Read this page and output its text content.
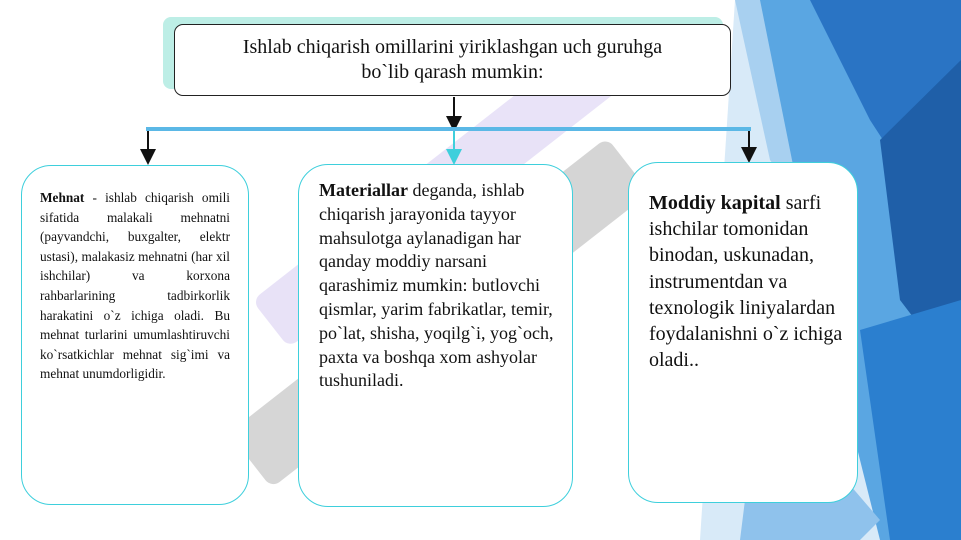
Ishlab chiqarish omillarini yiriklashgan uch guruhga
bo`lib qarash mumkin:
Mehnat - ishlab chiqarish omili sifatida malakali mehnatni (payvandchi, buxgalter, elektr ustasi), malakasiz mehnatni (har xil ishchilar) va korxona rahbarlarining tadbirkorlik harakatini o`z ichiga oladi. Bu mehnat turlarini umumlashtiruvchi ko`rsatkichlar mehnat sig`imi va mehnat unumdorligidir.
Materiallar deganda, ishlab chiqarish jarayonida tayyor mahsulotga aylanadigan har qanday moddiy narsani qarashimiz mumkin: butlovchi qismlar, yarim fabrikatlar, temir, po`lat, shisha, yoqilg`i, yog`och, paxta va boshqa xom ashyolar tushuniladi.
Moddiy kapital sarfi ishchilar tomonidan binodan, uskunadan, instrumentdan va texnologik liniyalardan foydalanishni o`z ichiga oladi..
